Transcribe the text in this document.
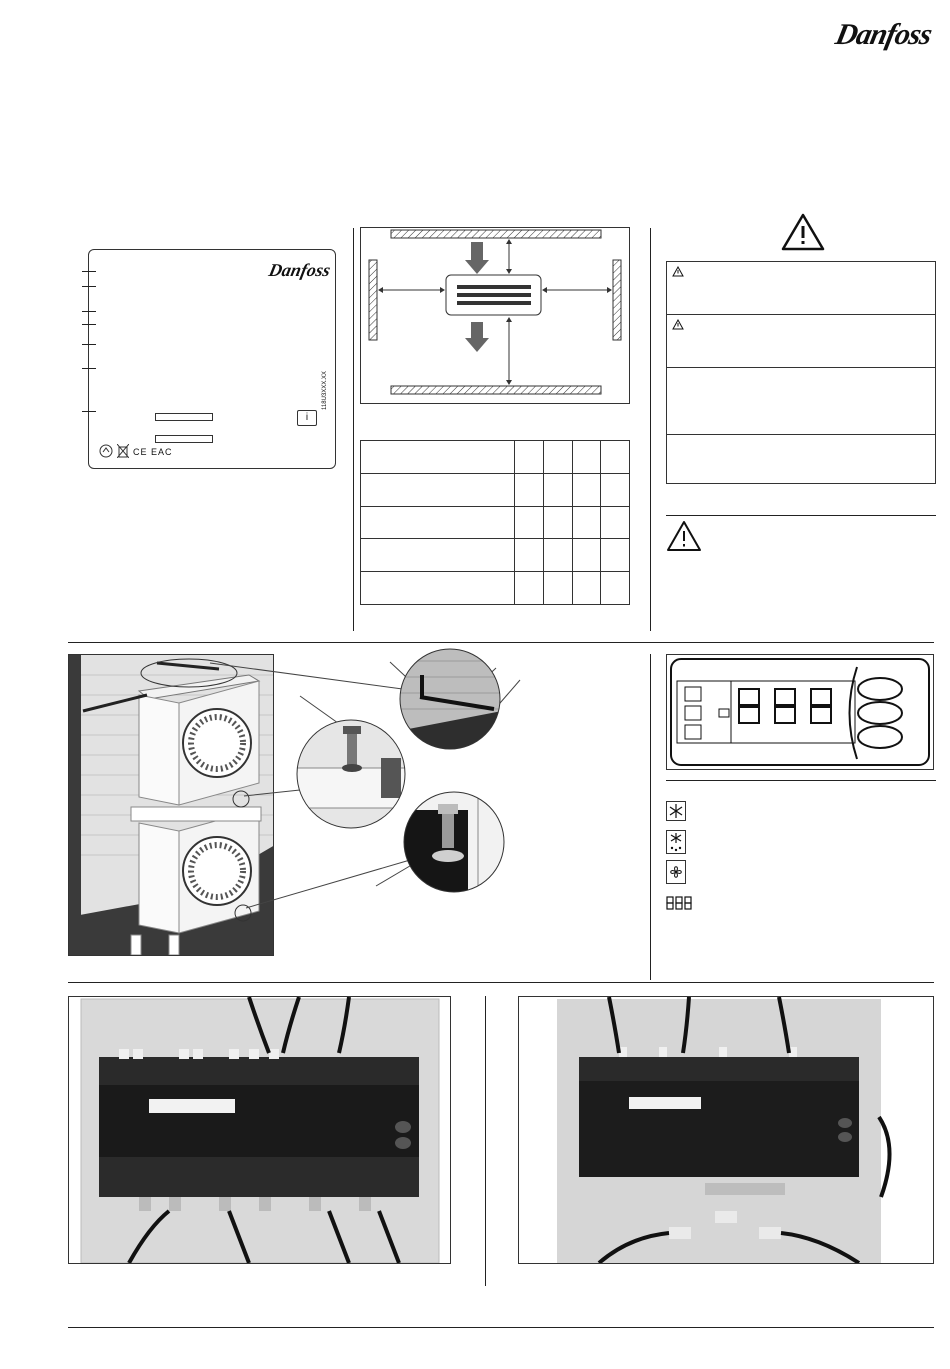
Danfoss
Danfoss
118U3XXX.XX
i
CE EAC
